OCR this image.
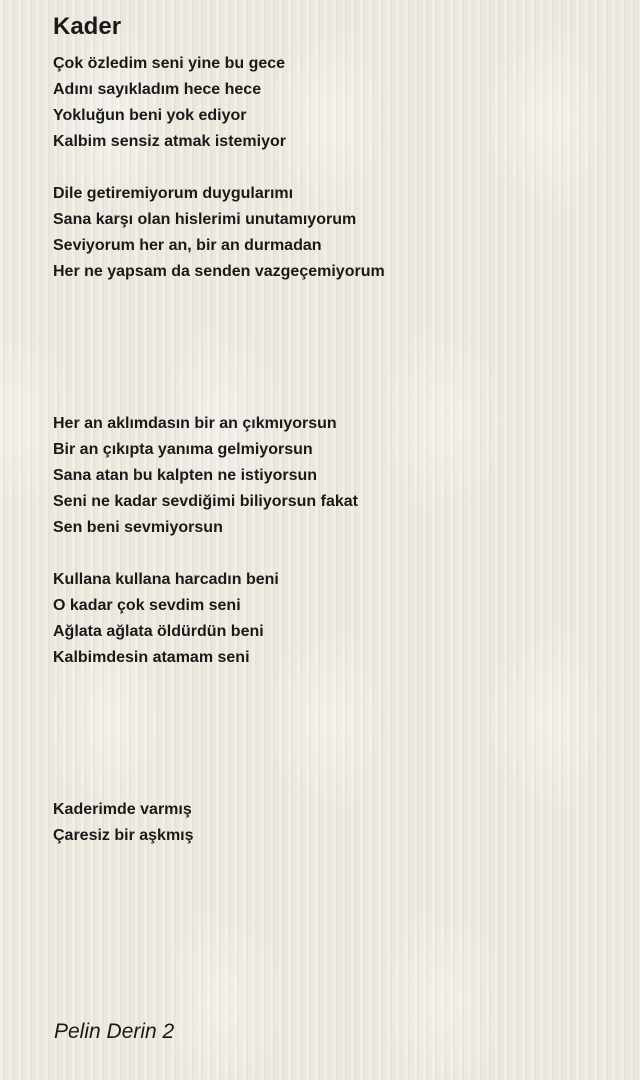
Kader
Çok özledim seni yine bu gece
Adını sayıkladım hece hece
Yokluğun beni yok ediyor
Kalbim sensiz atmak istemiyor
Dile getiremiyorum duygularımı
Sana karşı olan hislerimi unutamıyorum
Seviyorum her an, bir an durmadan
Her ne yapsam da senden vazgeçemiyorum
Her an aklımdasın bir an çıkmıyorsun
Bir an çıkıpta yanıma gelmiyorsun
Sana atan bu kalpten ne istiyorsun
Seni ne kadar sevdiğimi biliyorsun fakat
Sen beni sevmiyorsun
Kullana kullana harcadın beni
O kadar çok sevdim seni
Ağlata ağlata öldürdün beni
Kalbimdesin atamam seni
Kaderimde varmış
Çaresiz bir aşkmış

Pelin Derin 2
